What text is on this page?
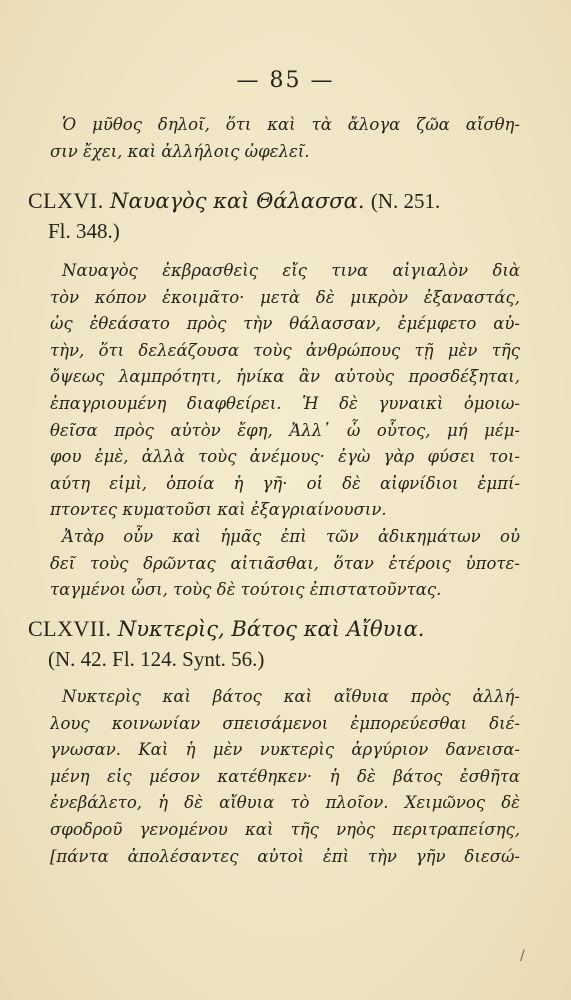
— 85 —
Ὁ μῦθος δηλοῖ, ὅτι καὶ τὰ ἄλογα ζῶα αἴσθη-
σιν ἔχει, καὶ ἀλλήλοις ὠφελεῖ.
CLXVI. Ναυαγὸς καὶ Θάλασσα. (N. 251.
Fl. 348.)
Ναυαγὸς ἐκβρασθεὶς εἴς τινα αἰγιαλὸν διὰ
τὸν κόπον ἐκοιμᾶτο· μετὰ δὲ μικρὸν ἐξαναστάς,
ὡς ἐθεάσατο πρὸς τὴν θάλασσαν, ἐμέμφετο αὐ-
τὴν, ὅτι δελεάζουσα τοὺς ἀνθρώπους τῇ μὲν τῆς
ὄψεως λαμπρότητι, ἡνίκα ἂν αὐτοὺς προσδέξηται,
ἐπαγριουμένη διαφθείρει. Ἡ δὲ γυναικὶ ὁμοιω-
θεῖσα πρὸς αὐτὸν ἔφη, Ἀλλ᾽ ὦ οὗτος, μή μέμ-
φου ἐμὲ, ἀλλὰ τοὺς ἀνέμους· ἐγὼ γὰρ φύσει τοι-
αύτη εἰμὶ, ὁποία ἡ γῆ· οἱ δὲ αἰφνίδιοι ἐμπί-
πτοντες κυματοῦσι καὶ ἐξαγριαίνουσιν.
Ἀτὰρ οὖν καὶ ἡμᾶς ἐπὶ τῶν ἀδικημάτων οὐ
δεῖ τοὺς δρῶντας αἰτιᾶσθαι, ὅταν ἑτέροις ὑποτε-
ταγμένοι ὦσι, τοὺς δὲ τούτοις ἐπιστατοῦντας.
CLXVII. Νυκτερὶς, Βάτος καὶ Αἴθυια.
(N. 42. Fl. 124. Synt. 56.)
Νυκτερὶς καὶ βάτος καὶ αἴθυια πρὸς ἀλλή-
λους κοινωνίαν σπεισάμενοι ἐμπορεύεσθαι διέ-
γνωσαν. Καὶ ἡ μὲν νυκτερὶς ἀργύριον δανεισα-
μένη εἰς μέσον κατέθηκεν· ἡ δὲ βάτος ἐσθῆτα
ἐνεβάλετο, ἡ δὲ αἴθυια τὸ πλοῖον. Χειμῶνος δὲ
σφοδροῦ γενομένου καὶ τῆς νηὸς περιτραπείσης,
[πάντα ἀπολέσαντες αὐτοὶ ἐπὶ τὴν γῆν διεσώ-
/
